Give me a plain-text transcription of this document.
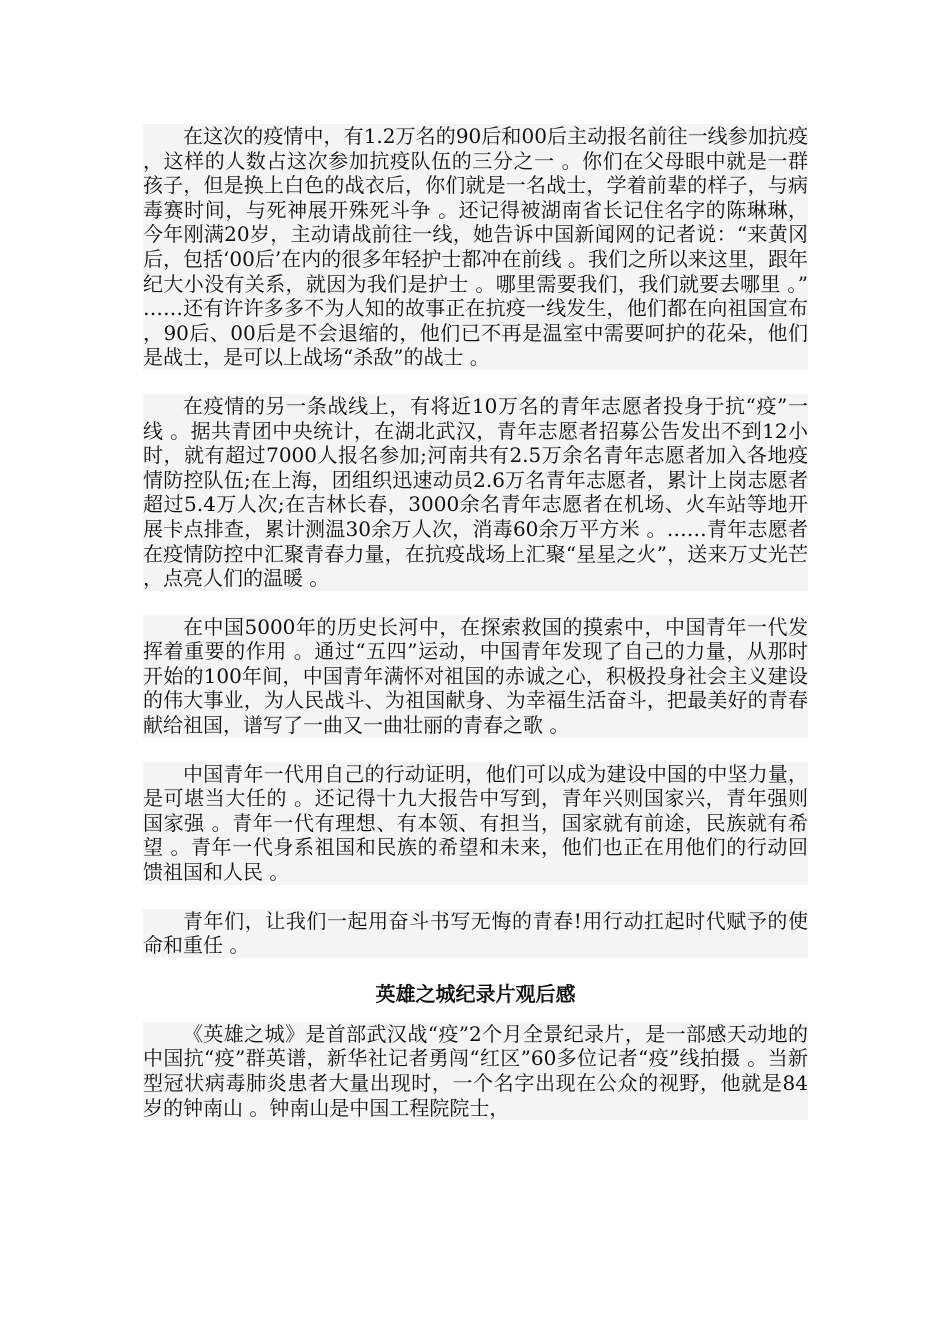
在这次的疫情中，有1.2万名的90后和00后主动报名前往一线参加抗疫，这样的人数占这次参加抗疫队伍的三分之一 。你们在父母眼中就是一群孩子，但是换上白色的战衣后，你们就是一名战士，学着前辈的样子，与病毒赛时间，与死神展开殊死斗争 。还记得被湖南省长记住名字的陈琳琳，今年刚满20岁，主动请战前往一线，她告诉中国新闻网的记者说：“来黄冈后，包括‘00后’在内的很多年轻护士都冲在前线 。我们之所以来这里，跟年纪大小没有关系，就因为我们是护士 。哪里需要我们，我们就要去哪里 。”……还有许许多多不为人知的故事正在抗疫一线发生，他们都在向祖国宣布，90后、00后是不会退缩的，他们已不再是温室中需要呵护的花朵，他们是战士，是可以上战场“杀敌”的战士 。

在疫情的另一条战线上，有将近10万名的青年志愿者投身于抗“疫”一线 。据共青团中央统计，在湖北武汉，青年志愿者招募公告发出不到12小时，就有超过7000人报名参加;河南共有2.5万余名青年志愿者加入各地疫情防控队伍;在上海，团组织迅速动员2.6万名青年志愿者，累计上岗志愿者超过5.4万人次;在吉林长春，3000余名青年志愿者在机场、火车站等地开展卡点排查，累计测温30余万人次，消毒60余万平方米 。……青年志愿者在疫情防控中汇聚青春力量，在抗疫战场上汇聚“星星之火”，送来万丈光芒，点亮人们的温暖 。

在中国5000年的历史长河中，在探索救国的摸索中，中国青年一代发挥着重要的作用 。通过“五四”运动，中国青年发现了自己的力量，从那时开始的100年间，中国青年满怀对祖国的赤诚之心，积极投身社会主义建设的伟大事业，为人民战斗、为祖国献身、为幸福生活奋斗，把最美好的青春献给祖国，谱写了一曲又一曲壮丽的青春之歌 。

中国青年一代用自己的行动证明，他们可以成为建设中国的中坚力量，是可堪当大任的 。还记得十九大报告中写到，青年兴则国家兴，青年强则国家强 。青年一代有理想、有本领、有担当，国家就有前途，民族就有希望 。青年一代身系祖国和民族的希望和未来，他们也正在用他们的行动回馈祖国和人民 。

青年们，让我们一起用奋斗书写无悔的青春!用行动扛起时代赋予的使命和重任 。

英雄之城纪录片观后感

《英雄之城》是首部武汉战“疫”2个月全景纪录片，是一部感天动地的中国抗“疫”群英谱，新华社记者勇闯“红区”60多位记者“疫”线拍摄 。当新型冠状病毒肺炎患者大量出现时，一个名字出现在公众的视野，他就是84岁的钟南山 。钟南山是中国工程院院士，
